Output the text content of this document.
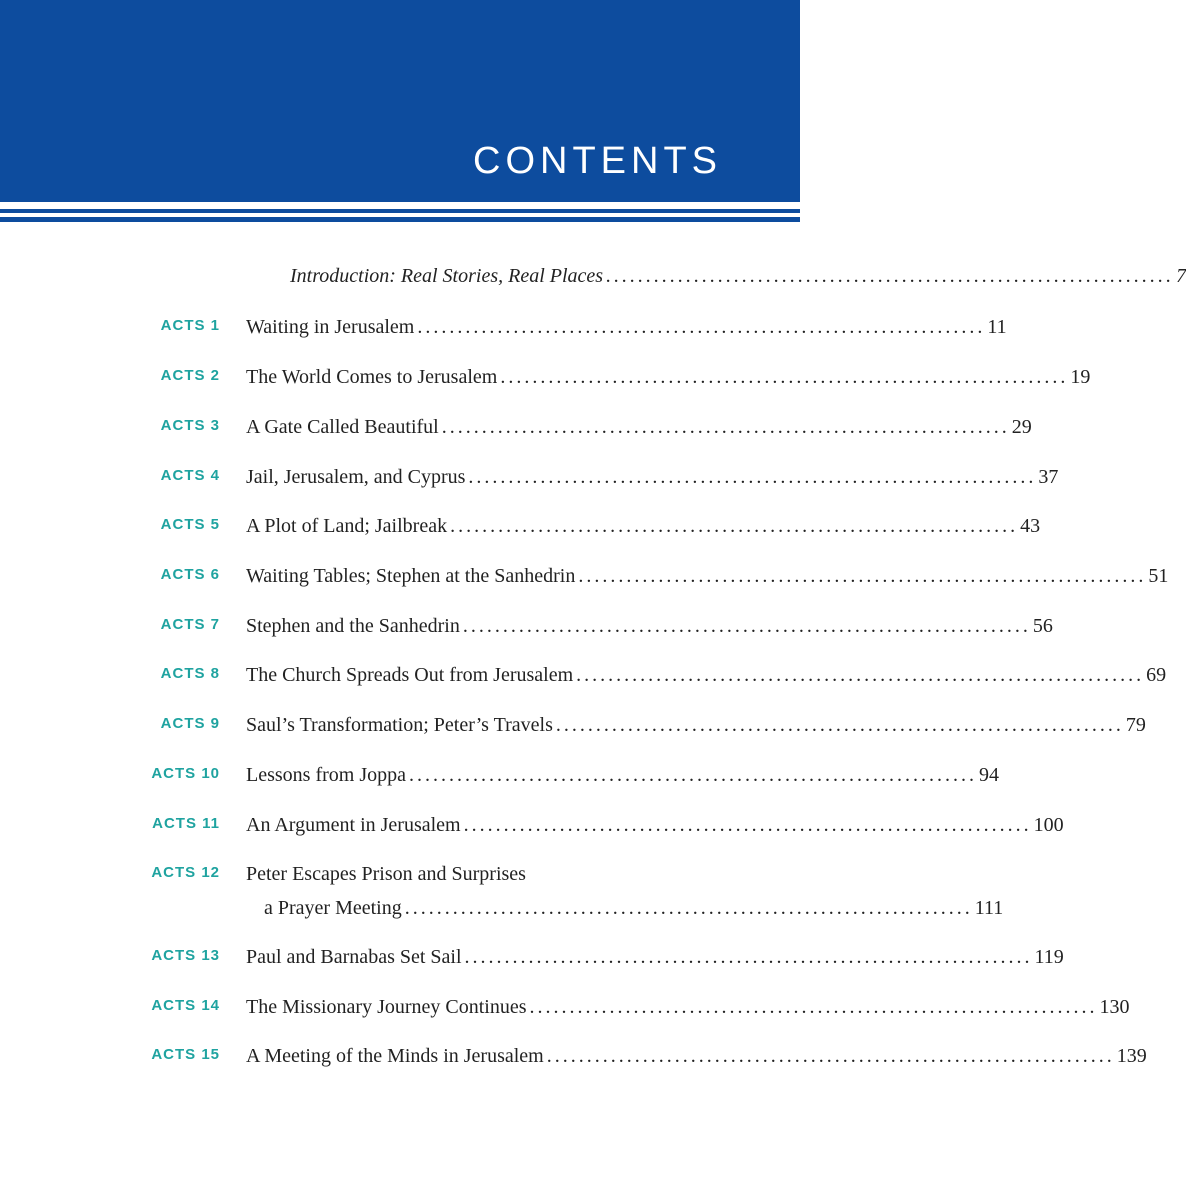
CONTENTS
Introduction: Real Stories, Real Places ....................................................................... 7
ACTS 1 Waiting in Jerusalem ....................................................................... 11
ACTS 2 The World Comes to Jerusalem ....................................................................... 19
ACTS 3 A Gate Called Beautiful ....................................................................... 29
ACTS 4 Jail, Jerusalem, and Cyprus ....................................................................... 37
ACTS 5 A Plot of Land; Jailbreak ....................................................................... 43
ACTS 6 Waiting Tables; Stephen at the Sanhedrin ....................................................................... 51
ACTS 7 Stephen and the Sanhedrin ....................................................................... 56
ACTS 8 The Church Spreads Out from Jerusalem ....................................................................... 69
ACTS 9 Saul’s Transformation; Peter’s Travels ....................................................................... 79
ACTS 10 Lessons from Joppa ....................................................................... 94
ACTS 11 An Argument in Jerusalem ....................................................................... 100
ACTS 12 Peter Escapes Prison and Surprises
a Prayer Meeting ....................................................................... 111
ACTS 13 Paul and Barnabas Set Sail ....................................................................... 119
ACTS 14 The Missionary Journey Continues ....................................................................... 130
ACTS 15 A Meeting of the Minds in Jerusalem ....................................................................... 139
